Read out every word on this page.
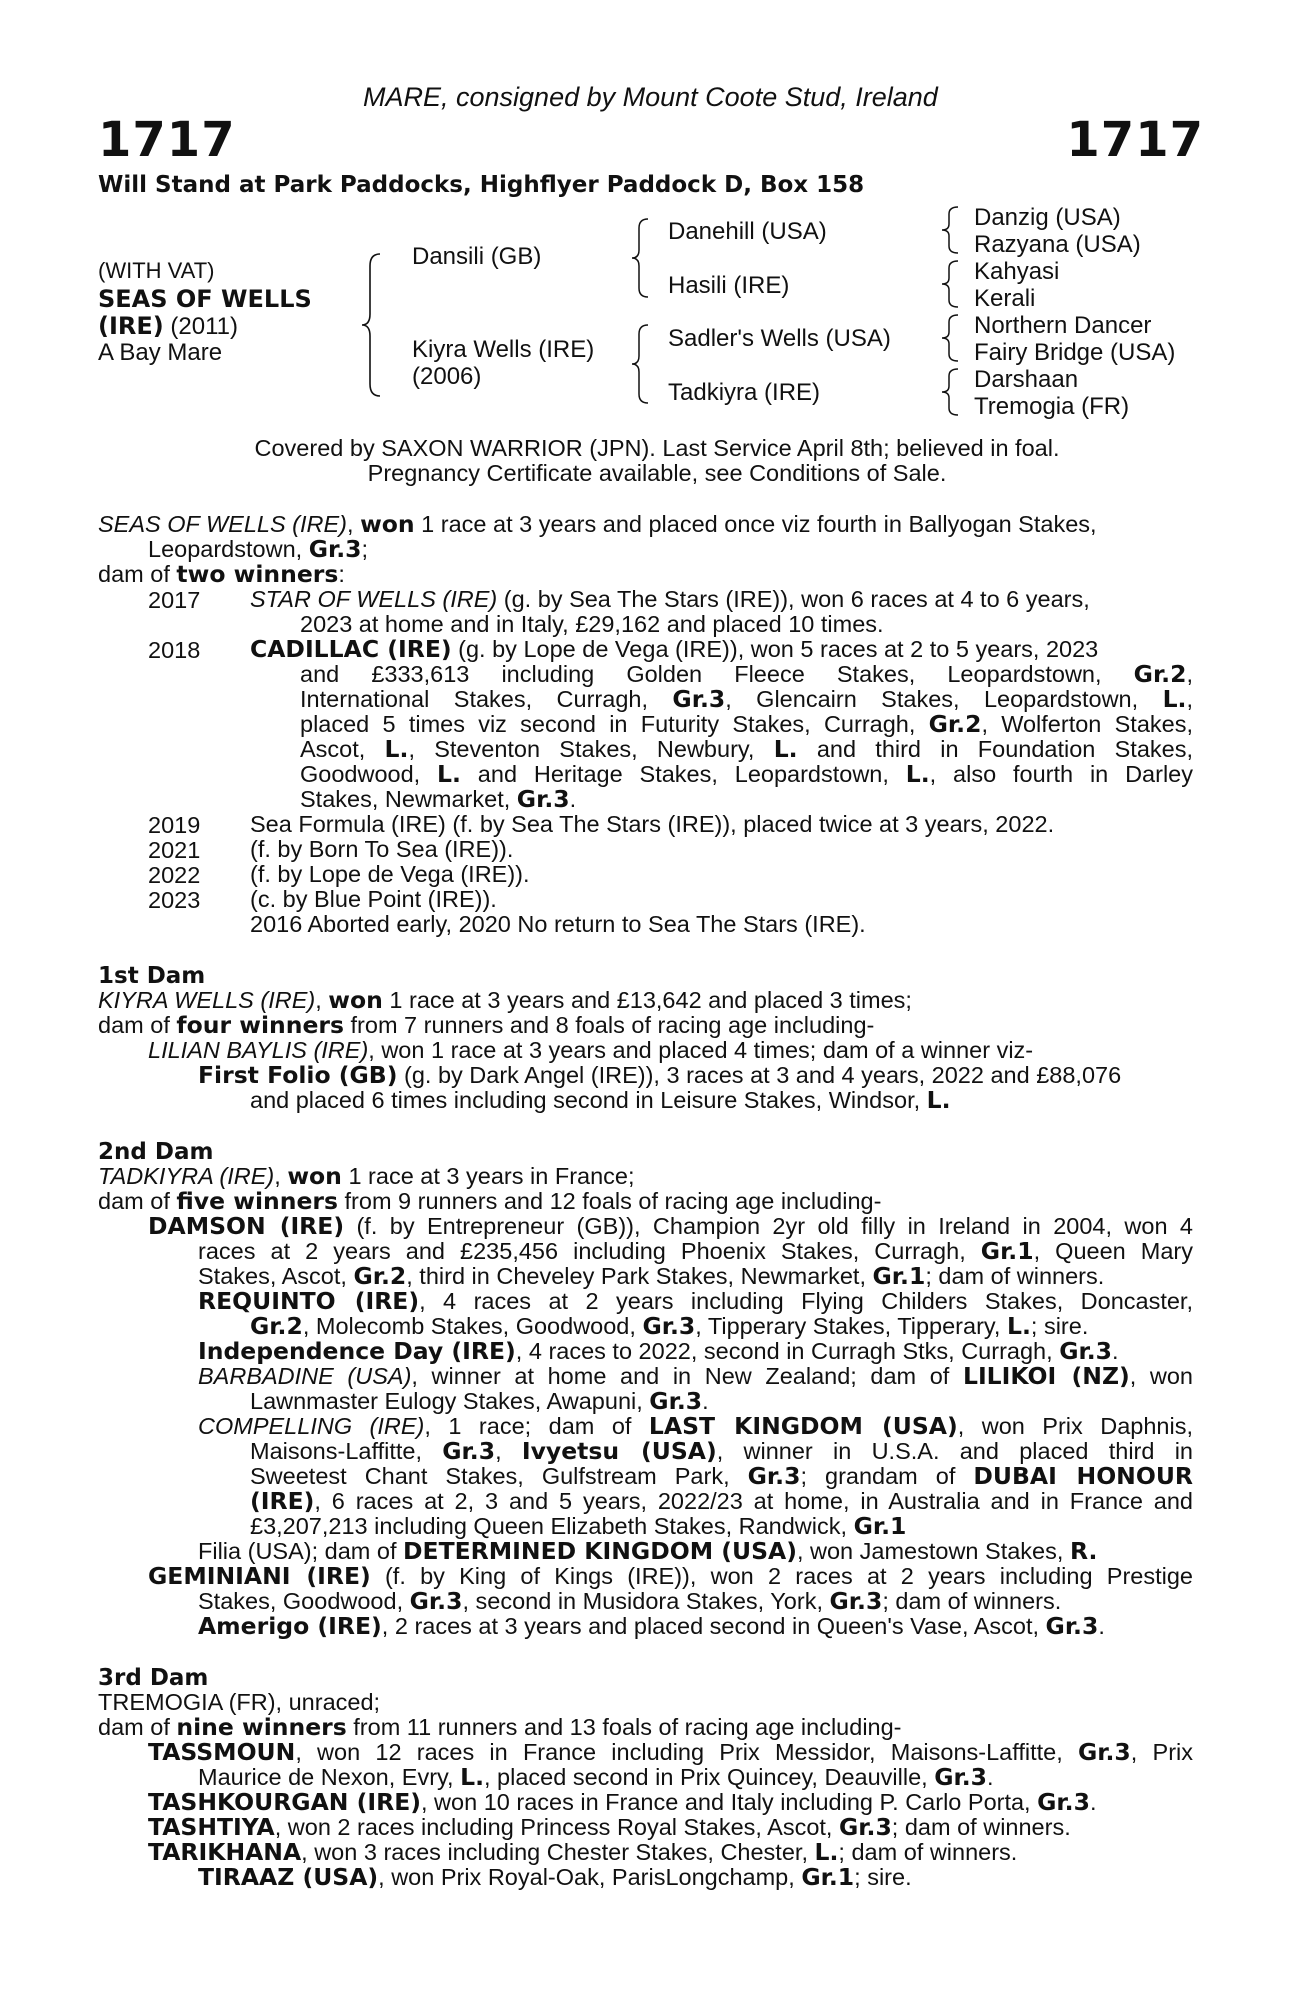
MARE, consigned by Mount Coote Stud, Ireland
1717	1717
Will Stand at Park Paddocks, Highflyer Paddock D, Box 158
(WITH VAT)
SEAS OF WELLS
(IRE) (2011)
A Bay Mare
Dansili (GB)
Kiyra Wells (IRE)
(2006)
Danehill (USA)
Hasili (IRE)
Sadler's Wells (USA)
Tadkiyra (IRE)
Danzig (USA)
Razyana (USA)
Kahyasi
Kerali
Northern Dancer
Fairy Bridge (USA)
Darshaan
Tremogia (FR)
Covered by SAXON WARRIOR (JPN). Last Service April 8th; believed in foal.
Pregnancy Certificate available, see Conditions of Sale.
SEAS OF WELLS (IRE), won 1 race at 3 years and placed once viz fourth in Ballyogan Stakes,
Leopardstown, Gr.3;
dam of two winners:
2017 STAR OF WELLS (IRE) (g. by Sea The Stars (IRE)), won 6 races at 4 to 6 years,
2023 at home and in Italy, £29,162 and placed 10 times.
2018 CADILLAC (IRE) (g. by Lope de Vega (IRE)), won 5 races at 2 to 5 years, 2023
and £333,613 including Golden Fleece Stakes, Leopardstown, Gr.2,
International Stakes, Curragh, Gr.3, Glencairn Stakes, Leopardstown, L.,
placed 5 times viz second in Futurity Stakes, Curragh, Gr.2, Wolferton Stakes,
Ascot, L., Steventon Stakes, Newbury, L. and third in Foundation Stakes,
Goodwood, L. and Heritage Stakes, Leopardstown, L., also fourth in Darley
Stakes, Newmarket, Gr.3.
2019 Sea Formula (IRE) (f. by Sea The Stars (IRE)), placed twice at 3 years, 2022.
2021 (f. by Born To Sea (IRE)).
2022 (f. by Lope de Vega (IRE)).
2023 (c. by Blue Point (IRE)).
2016 Aborted early, 2020 No return to Sea The Stars (IRE).
1st Dam
KIYRA WELLS (IRE), won 1 race at 3 years and £13,642 and placed 3 times;
dam of four winners from 7 runners and 8 foals of racing age including-
LILIAN BAYLIS (IRE), won 1 race at 3 years and placed 4 times; dam of a winner viz-
First Folio (GB) (g. by Dark Angel (IRE)), 3 races at 3 and 4 years, 2022 and £88,076
and placed 6 times including second in Leisure Stakes, Windsor, L.
2nd Dam
TADKIYRA (IRE), won 1 race at 3 years in France;
dam of five winners from 9 runners and 12 foals of racing age including-
DAMSON (IRE) (f. by Entrepreneur (GB)), Champion 2yr old filly in Ireland in 2004, won 4
races at 2 years and £235,456 including Phoenix Stakes, Curragh, Gr.1, Queen Mary
Stakes, Ascot, Gr.2, third in Cheveley Park Stakes, Newmarket, Gr.1; dam of winners.
REQUINTO (IRE), 4 races at 2 years including Flying Childers Stakes, Doncaster,
Gr.2, Molecomb Stakes, Goodwood, Gr.3, Tipperary Stakes, Tipperary, L.; sire.
Independence Day (IRE), 4 races to 2022, second in Curragh Stks, Curragh, Gr.3.
BARBADINE (USA), winner at home and in New Zealand; dam of LILIKOI (NZ), won
Lawnmaster Eulogy Stakes, Awapuni, Gr.3.
COMPELLING (IRE), 1 race; dam of LAST KINGDOM (USA), won Prix Daphnis,
Maisons-Laffitte, Gr.3, Ivyetsu (USA), winner in U.S.A. and placed third in
Sweetest Chant Stakes, Gulfstream Park, Gr.3; grandam of DUBAI HONOUR
(IRE), 6 races at 2, 3 and 5 years, 2022/23 at home, in Australia and in France and
£3,207,213 including Queen Elizabeth Stakes, Randwick, Gr.1
Filia (USA); dam of DETERMINED KINGDOM (USA), won Jamestown Stakes, R.
GEMINIANI (IRE) (f. by King of Kings (IRE)), won 2 races at 2 years including Prestige
Stakes, Goodwood, Gr.3, second in Musidora Stakes, York, Gr.3; dam of winners.
Amerigo (IRE), 2 races at 3 years and placed second in Queen's Vase, Ascot, Gr.3.
3rd Dam
TREMOGIA (FR), unraced;
dam of nine winners from 11 runners and 13 foals of racing age including-
TASSMOUN, won 12 races in France including Prix Messidor, Maisons-Laffitte, Gr.3, Prix
Maurice de Nexon, Evry, L., placed second in Prix Quincey, Deauville, Gr.3.
TASHKOURGAN (IRE), won 10 races in France and Italy including P. Carlo Porta, Gr.3.
TASHTIYA, won 2 races including Princess Royal Stakes, Ascot, Gr.3; dam of winners.
TARIKHANA, won 3 races including Chester Stakes, Chester, L.; dam of winners.
TIRAAZ (USA), won Prix Royal-Oak, ParisLongchamp, Gr.1; sire.
